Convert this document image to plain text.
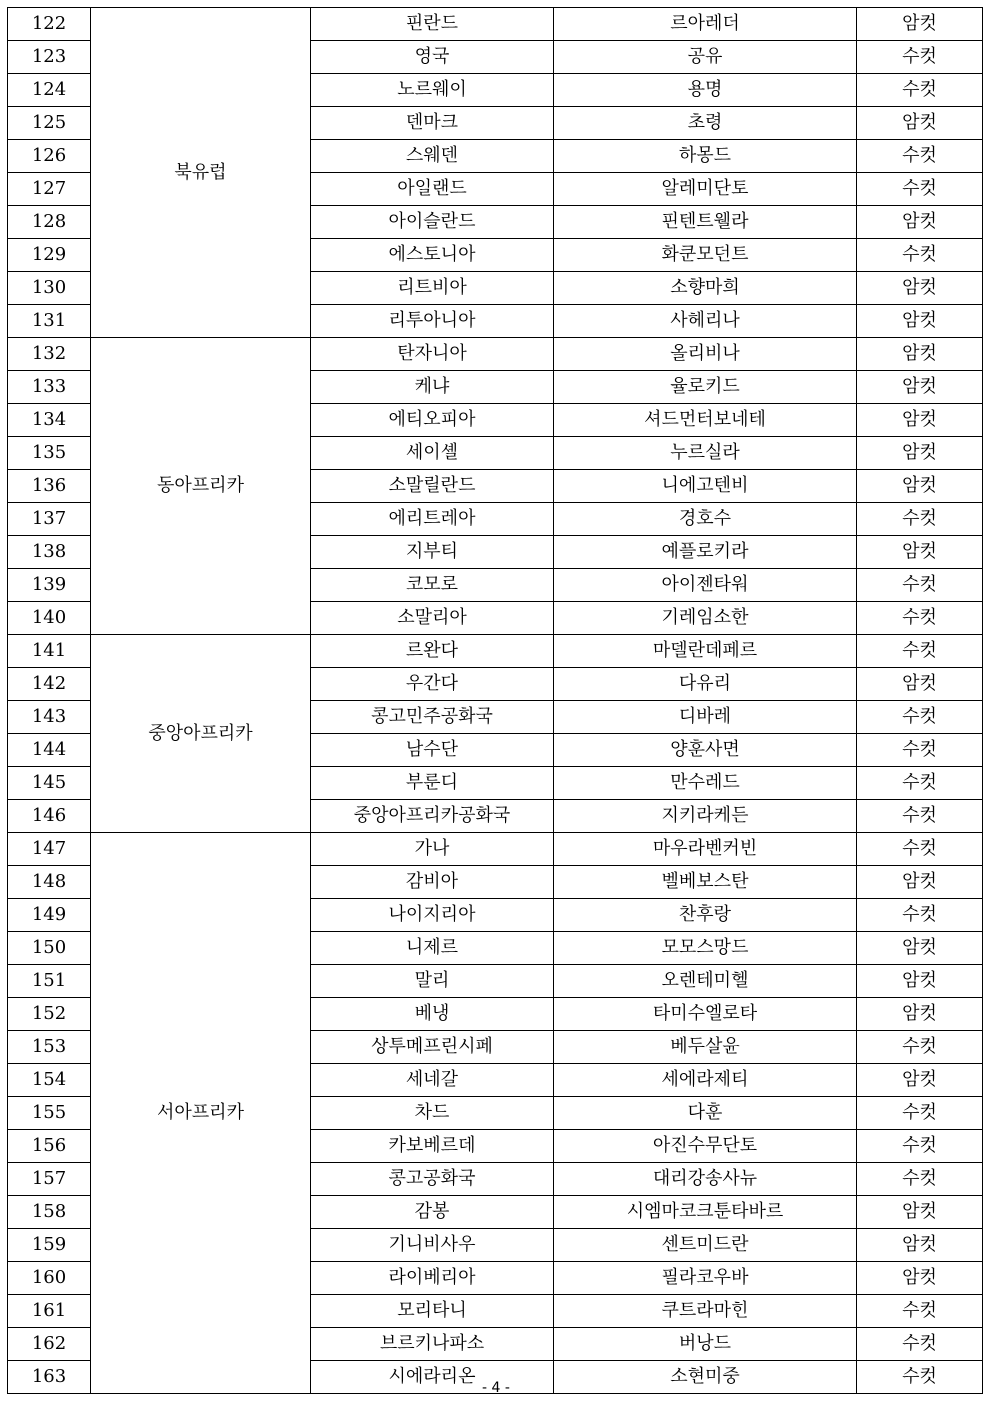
122	북유럽	핀란드	르아레더	암컷
123		영국	공유	수컷
124		노르웨이	용명	수컷
125		덴마크	초령	암컷
126		스웨덴	하몽드	수컷
127		아일랜드	알레미단토	수컷
128		아이슬란드	핀텐트웰라	암컷
129		에스토니아	화쿤모던트	수컷
130		리트비아	소향마희	암컷
131		리투아니아	사헤리나	암컷
132	동아프리카	탄자니아	올리비나	암컷
133		케냐	율로키드	암컷
134		에티오피아	셔드먼터보네테	암컷
135		세이셸	누르실라	암컷
136		소말릴란드	니에고텐비	암컷
137		에리트레아	경호수	수컷
138		지부티	예플로키라	암컷
139		코모로	아이젠타워	수컷
140		소말리아	기레임소한	수컷
141	중앙아프리카	르완다	마델란데페르	수컷
142		우간다	다유리	암컷
143		콩고민주공화국	디바레	수컷
144		남수단	양훈사면	수컷
145		부룬디	만수레드	수컷
146		중앙아프리카공화국	지키라케든	수컷
147	서아프리카	가나	마우라벤커빈	수컷
148		감비아	벨베보스탄	암컷
149		나이지리아	찬후랑	수컷
150		니제르	모모스망드	암컷
151		말리	오렌테미헬	암컷
152		베냉	타미수엘로타	암컷
153		상투메프린시페	베두살윤	수컷
154		세네갈	세에라제티	암컷
155		차드	다훈	수컷
156		카보베르데	아진수무단토	수컷
157		콩고공화국	대리강송사뉴	수컷
158		감봉	시엠마코크툰타바르	암컷
159		기니비사우	센트미드란	암컷
160		라이베리아	필라코우바	암컷
161		모리타니	쿠트라마힌	수컷
162		브르키나파소	버낭드	수컷
163		시에라리온	소현미중	수컷
- 4 -
